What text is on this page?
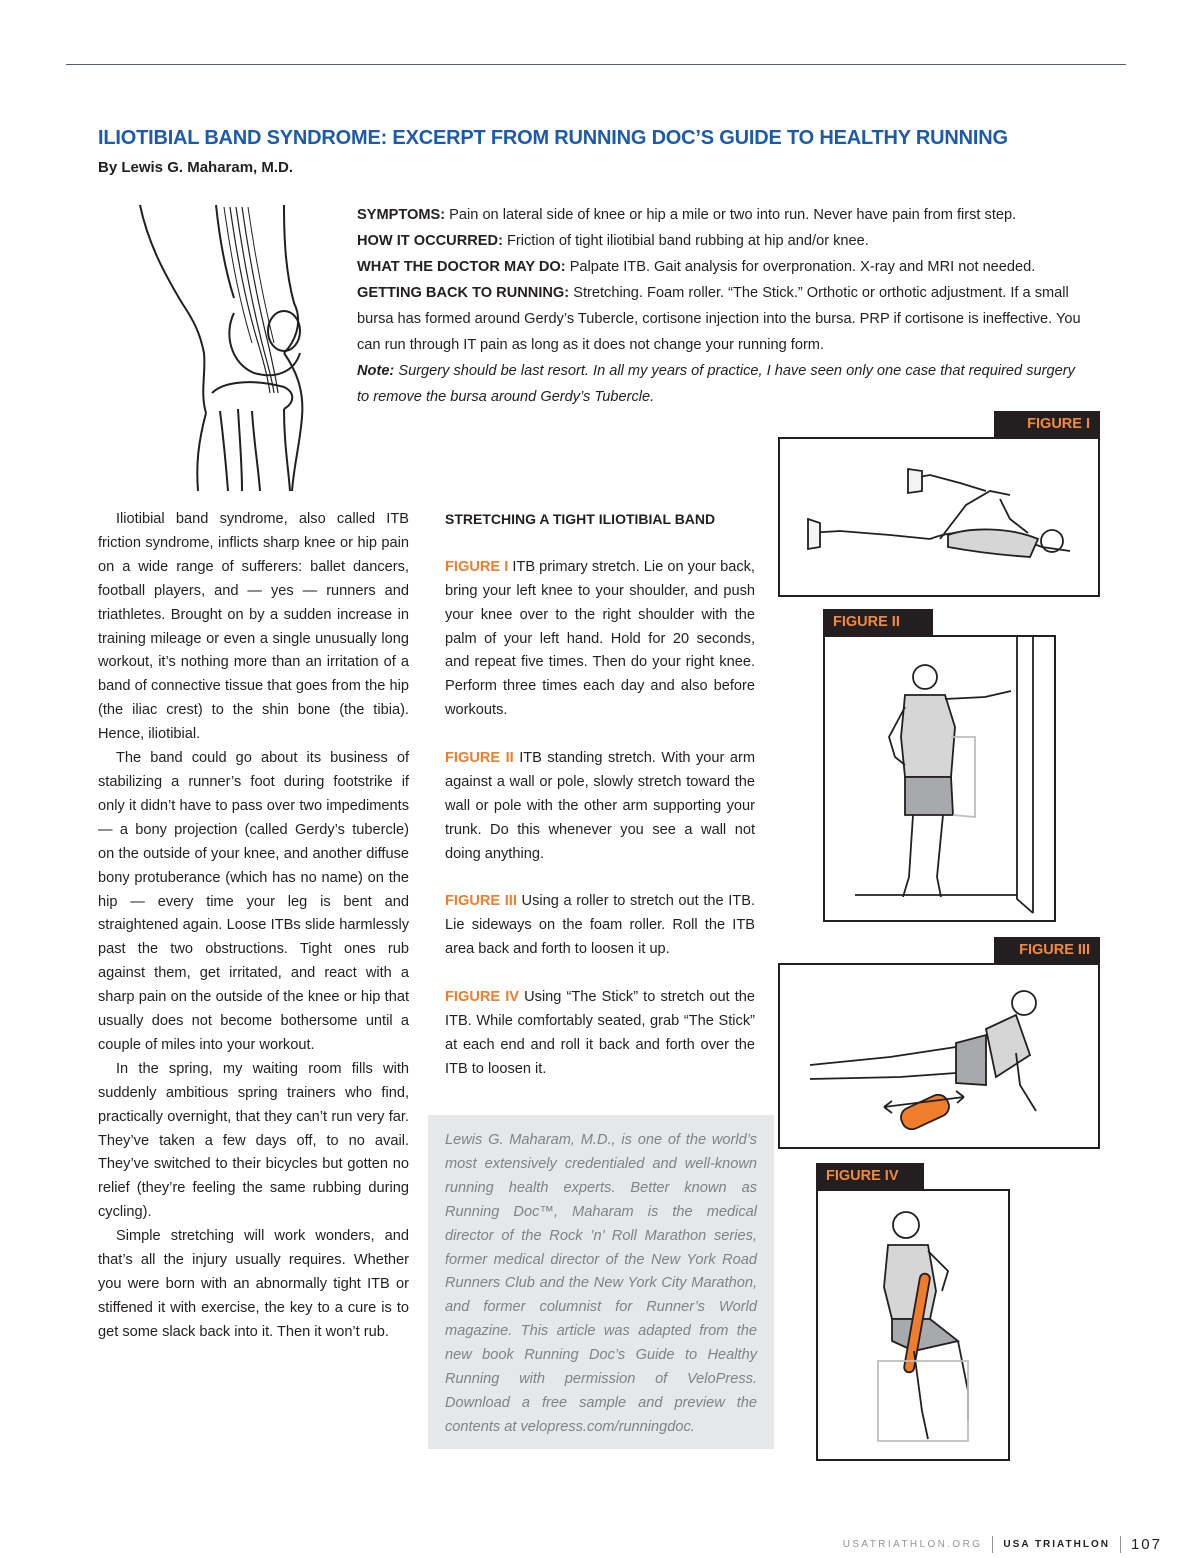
ILIOTIBIAL BAND SYNDROME: EXCERPT FROM RUNNING DOC’S GUIDE TO HEALTHY RUNNING
By Lewis G. Maharam, M.D.

SYMPTOMS: Pain on lateral side of knee or hip a mile or two into run. Never have pain from first step.

HOW IT OCCURRED: Friction of tight iliotibial band rubbing at hip and/or knee.

WHAT THE DOCTOR MAY DO: Palpate ITB. Gait analysis for overpronation. X-ray and MRI not needed.

GETTING BACK TO RUNNING: Stretching. Foam roller. “The Stick.” Orthotic or orthotic adjustment. If a small bursa has formed around Gerdy’s Tubercle, cortisone injection into the bursa. PRP if cortisone is ineffective. You can run through IT pain as long as it does not change your running form.

Note: Surgery should be last resort. In all my years of practice, I have seen only one case that required surgery to remove the bursa around Gerdy’s Tubercle.

Iliotibial band syndrome, also called ITB friction syndrome, inflicts sharp knee or hip pain on a wide range of sufferers: ballet dancers, football players, and — yes — runners and triathletes. Brought on by a sudden increase in training mileage or even a single unusually long workout, it’s nothing more than an irritation of a band of connective tissue that goes from the hip (the iliac crest) to the shin bone (the tibia). Hence, iliotibial.

The band could go about its business of stabilizing a runner’s foot during footstrike if only it didn’t have to pass over two impediments — a bony projection (called Gerdy’s tubercle) on the outside of your knee, and another diffuse bony protuberance (which has no name) on the hip — every time your leg is bent and straightened again. Loose ITBs slide harmlessly past the two obstructions. Tight ones rub against them, get irritated, and react with a sharp pain on the outside of the knee or hip that usually does not become bothersome until a couple of miles into your workout.

In the spring, my waiting room fills with suddenly ambitious spring trainers who find, practically overnight, that they can’t run very far. They’ve taken a few days off, to no avail. They’ve switched to their bicycles but gotten no relief (they’re feeling the same rubbing during cycling).

Simple stretching will work wonders, and that’s all the injury usually requires. Whether you were born with an abnormally tight ITB or stiffened it with exercise, the key to a cure is to get some slack back into it. Then it won’t rub.

STRETCHING A TIGHT ILIOTIBIAL BAND

FIGURE I ITB primary stretch. Lie on your back, bring your left knee to your shoulder, and push your knee over to the right shoulder with the palm of your left hand. Hold for 20 seconds, and repeat five times. Then do your right knee. Perform three times each day and also before workouts.

FIGURE II ITB standing stretch. With your arm against a wall or pole, slowly stretch toward the wall or pole with the other arm supporting your trunk. Do this whenever you see a wall not doing anything.

FIGURE III Using a roller to stretch out the ITB. Lie sideways on the foam roller. Roll the ITB area back and forth to loosen it up.

FIGURE IV Using “The Stick” to stretch out the ITB. While comfortably seated, grab “The Stick” at each end and roll it back and forth over the ITB to loosen it.

Lewis G. Maharam, M.D., is one of the world’s most extensively credentialed and well-known running health experts. Better known as Running Doc™, Maharam is the medical director of the Rock ’n’ Roll Marathon series, former medical director of the New York Road Runners Club and the New York City Marathon, and former columnist for Runner’s World magazine. This article was adapted from the new book Running Doc’s Guide to Healthy Running with permission of VeloPress. Download a free sample and preview the contents at velopress.com/runningdoc.

FIGURE I
FIGURE II
FIGURE III
FIGURE IV
USATRIATHLON.ORG USA TRIATHLON 107
